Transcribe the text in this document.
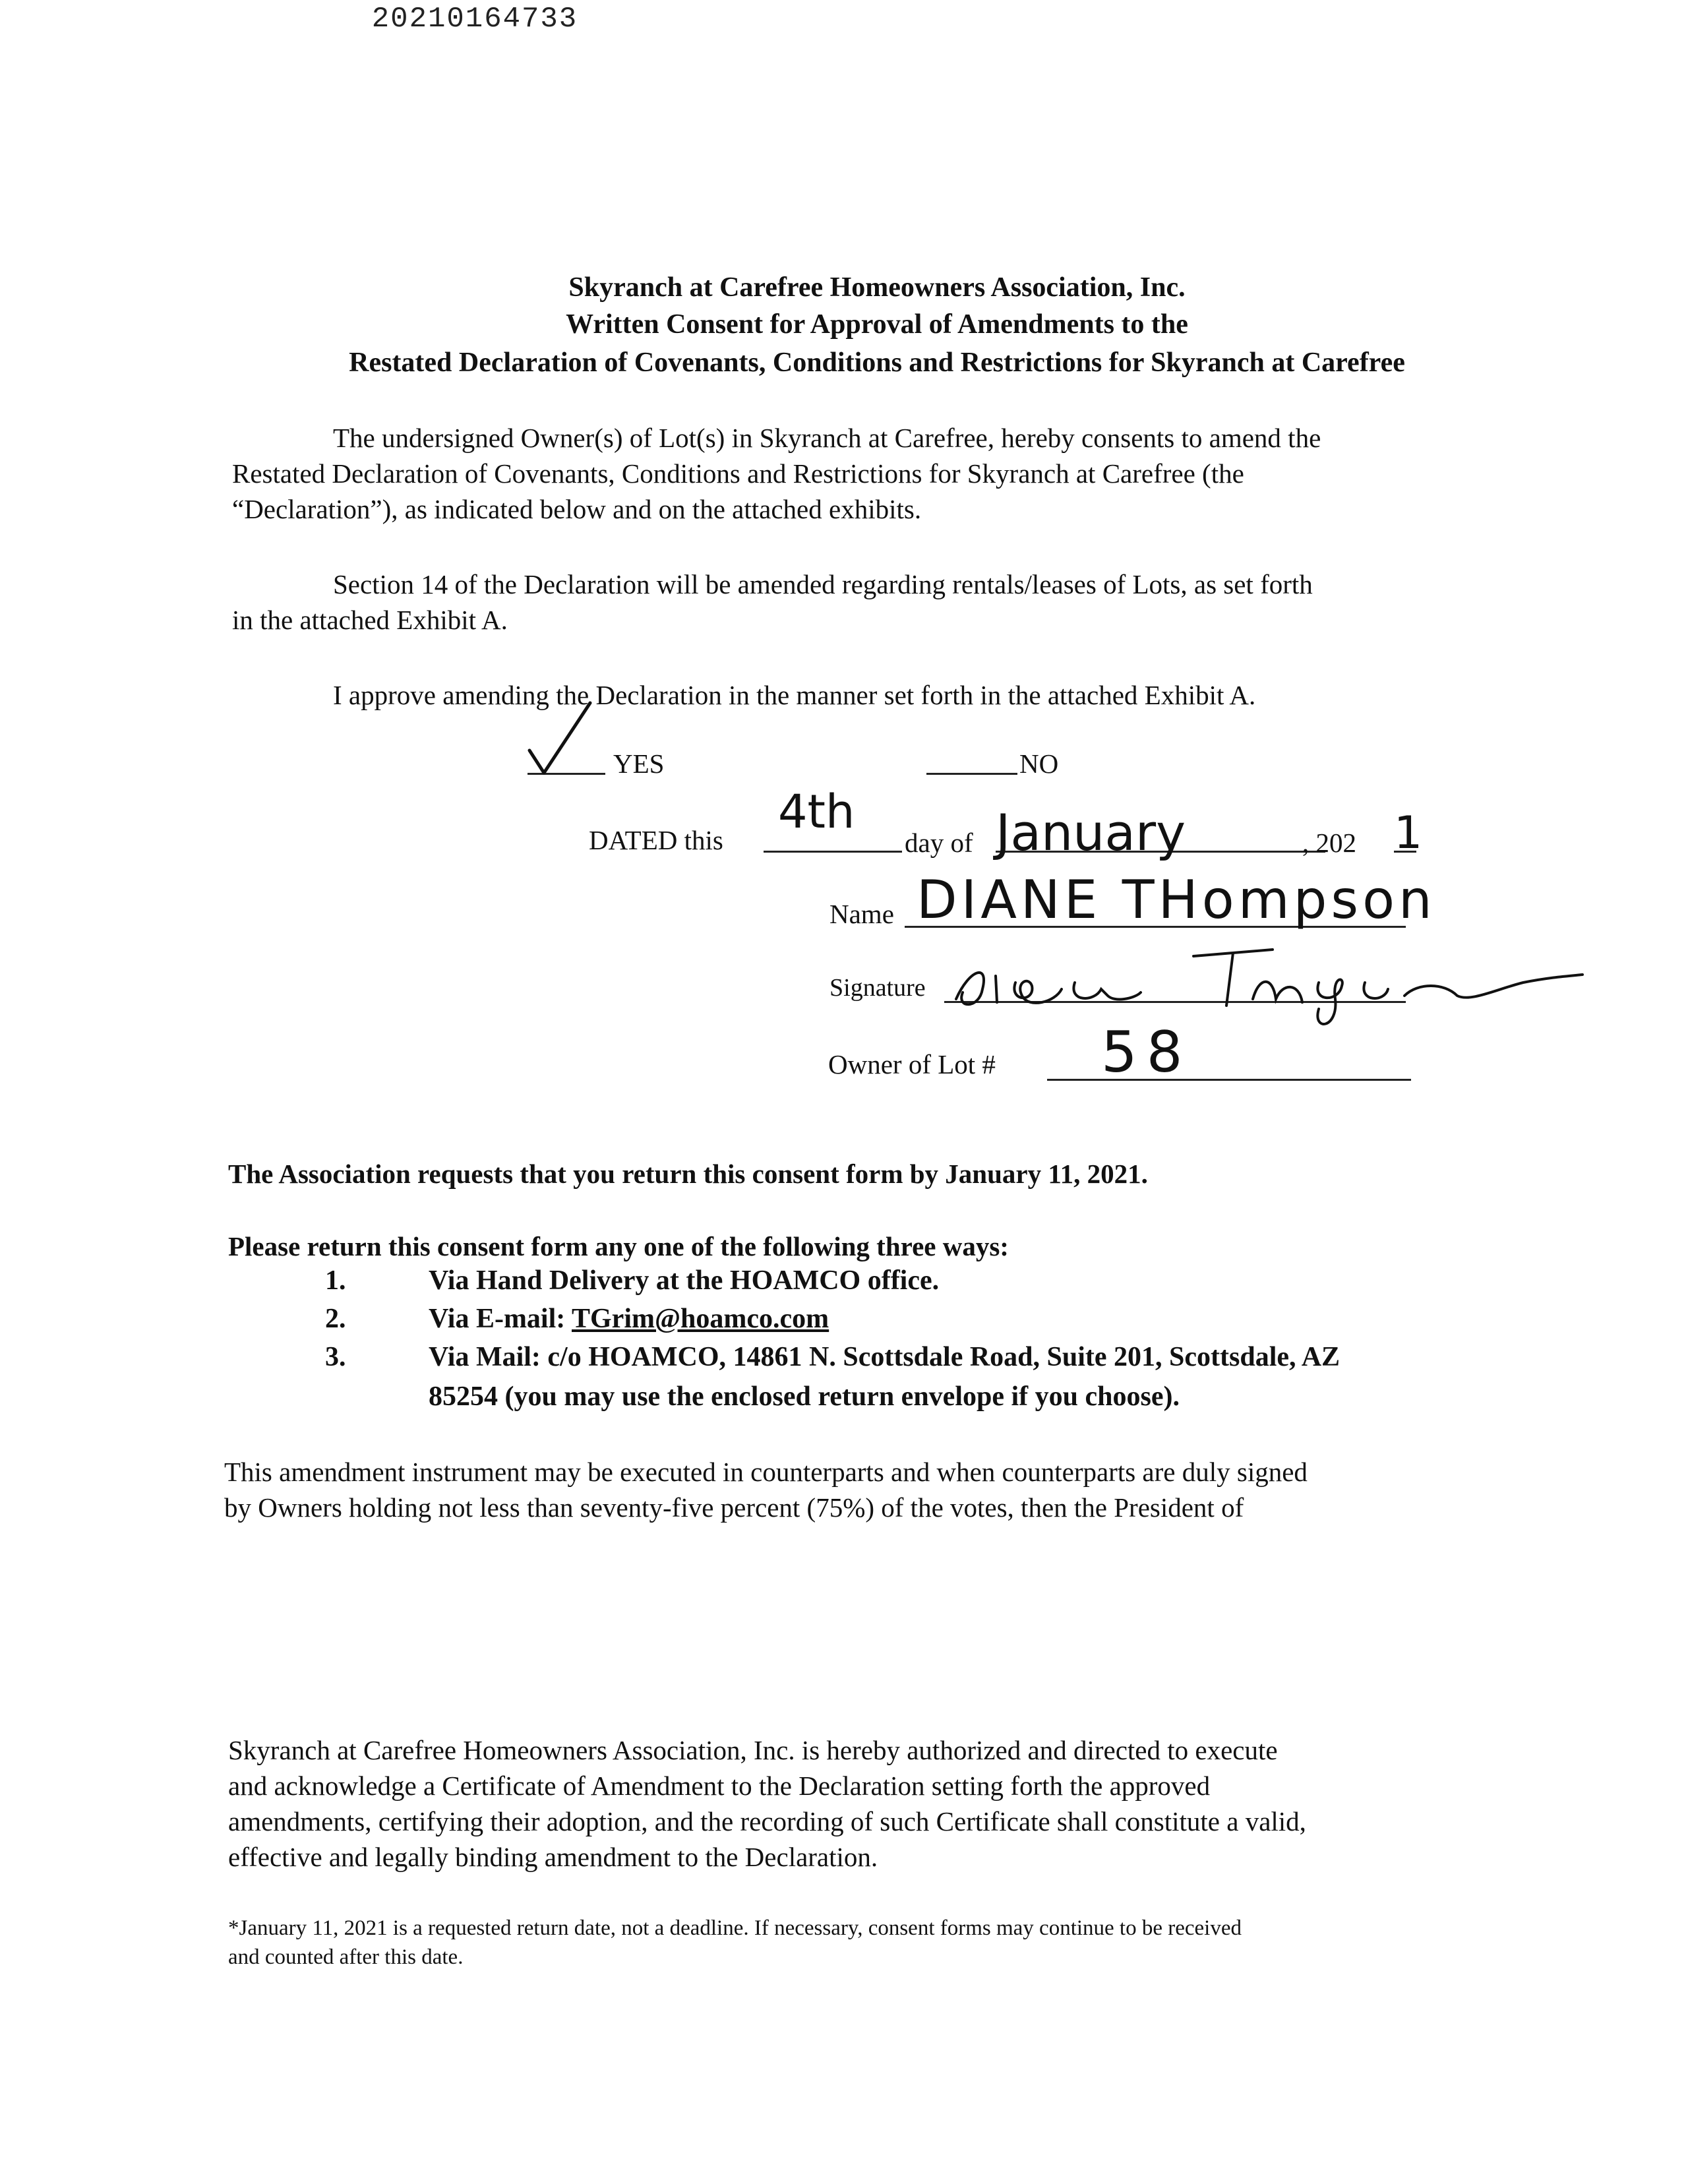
20210164733
Skyranch at Carefree Homeowners Association, Inc.
Written Consent for Approval of Amendments to the
Restated Declaration of Covenants, Conditions and Restrictions for Skyranch at Carefree
The undersigned Owner(s) of Lot(s) in Skyranch at Carefree, hereby consents to amend the
Restated Declaration of Covenants, Conditions and Restrictions for Skyranch at Carefree (the
“Declaration”), as indicated below and on the attached exhibits.
Section 14 of the Declaration will be amended regarding rentals/leases of Lots, as set forth
in the attached Exhibit A.
I approve amending the Declaration in the manner set forth in the attached Exhibit A.
YES	NO
DATED this
4th
day of January	, 202 1
Name DIANE THompson
Signature
Owner of Lot # 58
The Association requests that you return this consent form by January 11, 2021.
Please return this consent form any one of the following three ways:
1.	Via Hand Delivery at the HOAMCO office.
2.	Via E-mail: TGrim@hoamco.com
3.	Via Mail: c/o HOAMCO, 14861 N. Scottsdale Road, Suite 201, Scottsdale, AZ
85254 (you may use the enclosed return envelope if you choose).
This amendment instrument may be executed in counterparts and when counterparts are duly signed
by Owners holding not less than seventy-five percent (75%) of the votes, then the President of
Skyranch at Carefree Homeowners Association, Inc. is hereby authorized and directed to execute
and acknowledge a Certificate of Amendment to the Declaration setting forth the approved
amendments, certifying their adoption, and the recording of such Certificate shall constitute a valid,
effective and legally binding amendment to the Declaration.
*January 11, 2021 is a requested return date, not a deadline. If necessary, consent forms may continue to be received
and counted after this date.
